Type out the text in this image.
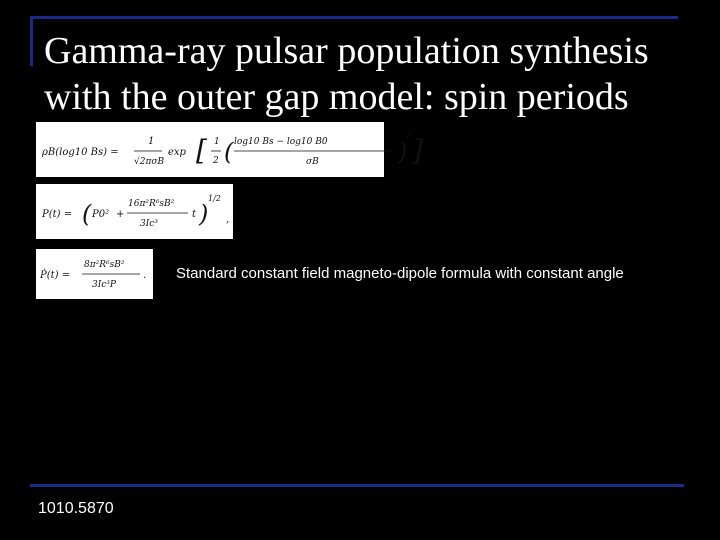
Gamma-ray pulsar population synthesis with the outer gap model: spin periods
ρB(log10 Bs) =
1
√2πσB
exp [ 1
2 ( log10 Bs − log10 B0
σB	)
2 ] ,
P(t) = ( P0² +
16π²R⁶sB²
3Ic³
t )
1/2
,
Ṗ(t) =
8π²R⁶sB²
3Ic³P
. Standard constant field magneto-dipole formula with constant angle
1010.5870
